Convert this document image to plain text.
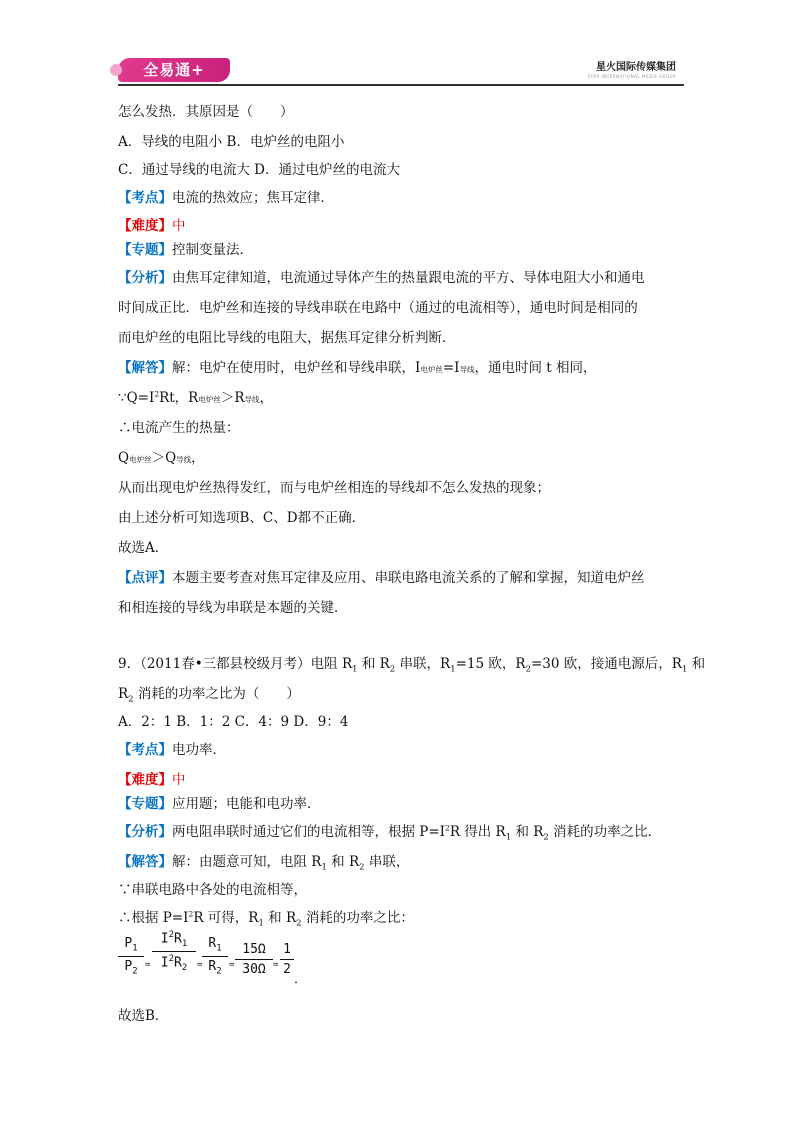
全易通+	星火国际传媒集团
STAR INTERNATIONAL MEDIA GROUP
怎么发热．其原因是（　　）
A．导线的电阻小 B．电炉丝的电阻小
C．通过导线的电流大 D．通过电炉丝的电流大
【考点】电流的热效应；焦耳定律．
【难度】中
【专题】控制变量法．
【分析】由焦耳定律知道，电流通过导体产生的热量跟电流的平方、导体电阻大小和通电
时间成正比．电炉丝和连接的导线串联在电路中（通过的电流相等），通电时间是相同的
而电炉丝的电阻比导线的电阻大，据焦耳定律分析判断．
【解答】解：电炉在使用时，电炉丝和导线串联，I电炉丝=I导线，通电时间 t 相同，
$\because Q=I^2Rt$，R电炉丝＞R导线，
∴电流产生的热量：
Q电炉丝＞Q导线，
从而出现电炉丝热得发红，而与电炉丝相连的导线却不怎么发热的现象；
由上述分析可知选项B、C、D都不正确．
故选A．
【点评】本题主要考查对焦耳定律及应用、串联电路电流关系的了解和掌握，知道电炉丝
和相连接的导线为串联是本题的关键．
9．（2011春•三都县校级月考）电阻 $R_1$ 和 $R_2$ 串联，$R_1=15$ 欧，$R_2=30$ 欧，接通电源后，$R_1$ 和
$R_2$ 消耗的功率之比为（　　）
A．2：1 B．1：2 C．4：9 D．9：4
【考点】电功率．
【难度】中
【专题】应用题；电能和电功率．
【分析】两电阻串联时通过它们的电流相等，根据 $P=I^2R$ 得出 $R_1$ 和 $R_2$ 消耗的功率之比．
【解答】解：由题意可知，电阻 $R_1$ 和 $R_2$ 串联，
∵串联电路中各处的电流相等，
∴根据 $P=I^2R$ 可得，$R_1$ 和 $R_2$ 消耗的功率之比：
$P_1$
$P_2$
=
$I^2R_1$
$I^2R_2$	=
$R_1$
$R_2$
=
15Ω
30Ω =
1
2
．
故选B．
